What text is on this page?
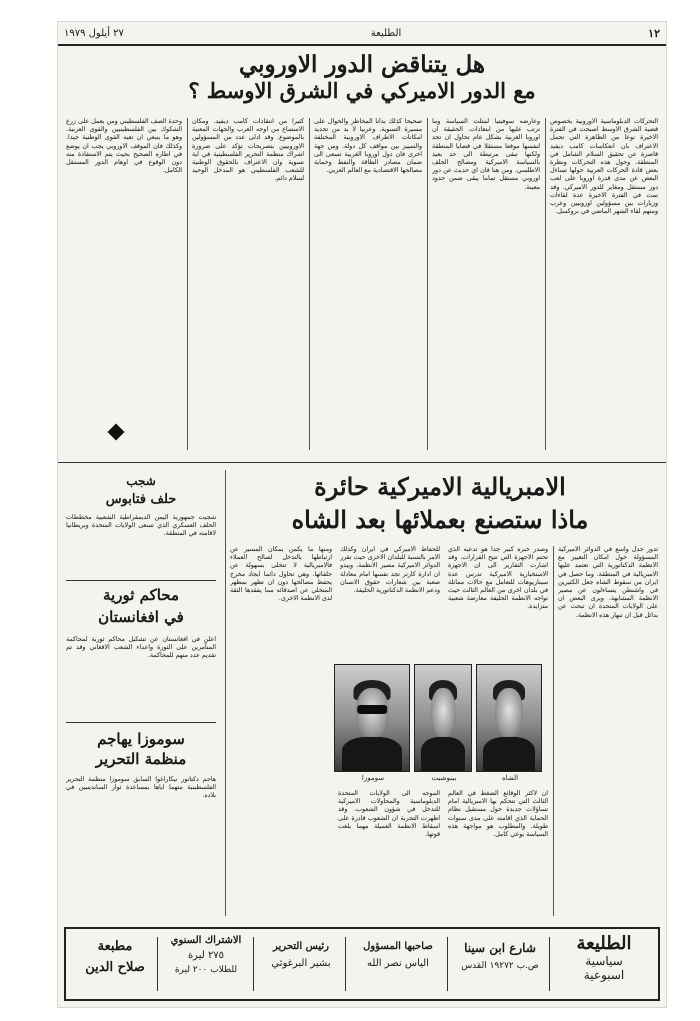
١٢
الطليعة
٢٧ أيلول ١٩٧٩
هل يتناقض الدور الاوروبي
مع الدور الاميركي في الشرق الاوسط ؟
التحركات الدبلوماسية الاوروبية بخصوص قضية الشرق الاوسط اصبحت في الفترة الاخيرة نوعا من الظاهرة التي تحمل الاعتراف بان انعكاسات كامب ديفيد قاصرة عن تحقيق السلام الشامل في المنطقة. وحول هذه التحركات ونظرة بعض قادة الحركات العربية حولها تساءل البعض عن مدى قدرة اوروبا على لعب دور مستقل ومغاير للدور الاميركي. وقد تمت في الفترة الاخيرة عدة لقاءات وزيارات بين مسؤولين اوروبيين وعرب ومنهم لقاء الشهر الماضي في بروكسل.
وعارضه سوفيتيا لمثلث السياسة وما ترتب عليها من ابتعادات. الحقيقة ان اوروبا الغربية بشكل عام تحاول ان تجد لنفسها موقعا مستقلا في قضايا المنطقة ولكنها تبقى مرتبطة الى حد بعيد بالسياسة الاميركية ومصالح الحلف الاطلسي. ومن هنا فان اي حديث عن دور اوروبي مستقل تماما يبقى ضمن حدود معينة.
صحيحا كذلك بدأنا المخاطر والحوال على مسيرة التسوية. وعربيا لا بد من تحديد امكانات الاطراف الاوروبية المختلفة والتمييز بين مواقف كل دولة. ومن جهة اخرى فان دول اوروبا الغربية تسعى الى ضمان مصادر الطاقة والنفط وحماية مصالحها الاقتصادية مع العالم العربي.
كثيرا من انتقادات كامب ديفيد. ومكان الاستماع من اوجه العرب والجهات المعنية بالموضوع. وقد ادلى عدد من المسؤولين الاوروبيين بتصريحات تؤكد على ضرورة اشراك منظمة التحرير الفلسطينية في اية تسوية وان الاعتراف بالحقوق الوطنية للشعب الفلسطيني هو المدخل الوحيد لسلام دائم.
وحدة الصف الفلسطيني ومن يعمل على زرع الشكوك بين الفلسطينيين والقوى العربية. وهو ما ينبغي ان تعيه القوى الوطنية جيدا. وكذلك فان الموقف الاوروبي يجب ان يوضع في اطاره الصحيح بحيث يتم الاستفادة منه دون الوقوع في اوهام الدور المستقل الكامل.
الامبريالية الاميركية حائرة
ماذا ستصنع بعملائها بعد الشاه
تدور جدل واسع في الدوائر الاميركية المسؤولة حول امكان التغيير مع الانظمة الدكتاتورية التي تعتمد عليها الامبريالية في المنطقة. وما حصل في ايران من سقوط الشاه جعل الكثيرين في واشنطن يتساءلون عن مصير الانظمة المشابهة. ويرى البعض ان على الولايات المتحدة ان تبحث عن بدائل قبل ان تنهار هذه الانظمة.
وصدر خبره كبير جدا هو تدعيه الذي تحتم الاجهزة التي تتيح القرارات. وقد اشارت التقارير الى ان الاجهزة الاستخبارية الاميركية تدرس عدة سيناريوهات للتعامل مع حالات مماثلة في بلدان اخرى من العالم الثالث حيث تواجه الانظمة الحليفة معارضة شعبية متزايدة.
للحفاظ الاميركي في ايران وكذلك الامر بالنسبة للبلدان الاخرى حيث تقرر الدوائر الاميركية مصير الانظمة. ويبدو ان ادارة كارتر تجد نفسها امام معادلة صعبة بين شعارات حقوق الانسان ودعم الانظمة الدكتاتورية الحليفة.
ومنها ما يكمن بمكان المسير عن ارتباطها بالتدخل لصالح العملاء فالامبريالية لا تتخلى بسهولة عن حلفائها. وهي تحاول دائما ايجاد مخرج يحفظ مصالحها دون ان تظهر بمظهر المتخلي عن اصدقائه مما يفقدها الثقة لدى الانظمة الاخرى.
الشاه
بينوشيت
سوموزا
ان لاكثر الوقائع الضغط في العالم الثالث التي تتحكم بها الامبريالية امام تساؤلات جديدة حول مستقبل نظام الحماية الذي اقامته على مدى سنوات طويلة. والمطلوب هو مواجهة هذه السياسة بوعي كامل.
الموجه الى الولايات المتحدة الدبلوماسية والمحاولات الاميركية للتدخل في شؤون الشعوب. وقد اظهرت التجربة ان الشعوب قادرة على اسقاط الانظمة العميلة مهما بلغت قوتها.
شجب
حلف فتابوس
شجبت جمهورية اليمن الديمقراطية الشعبية مخططات الحلف العسكري الذي تسعى الولايات المتحدة وبريطانيا لاقامته في المنطقة.
محاكم ثورية
في افغانستان
اعلن في افغانستان عن تشكيل محاكم ثورية لمحاكمة المتآمرين على الثورة واعداء الشعب الافغاني وقد تم تقديم عدد منهم للمحاكمة.
سوموزا يهاجم
منظمة التحرير
هاجم دكتاتور نيكاراغوا السابق سوموزا منظمة التحرير الفلسطينية متهما اياها بمساعدة ثوار الساندينيين في بلاده.
الطليعة
سياسية
اسبوعية
شارع ابن سينا
ص.ب ١٩٢٧٢ القدس
صاحبها المسؤول
الياس نصر الله
رئيس التحرير
بشير البرغوثي
الاشتراك السنوي
٢٧٥ ليرة
للطلاب ٢٠٠ ليرة
مطبعة
صلاح الدين
